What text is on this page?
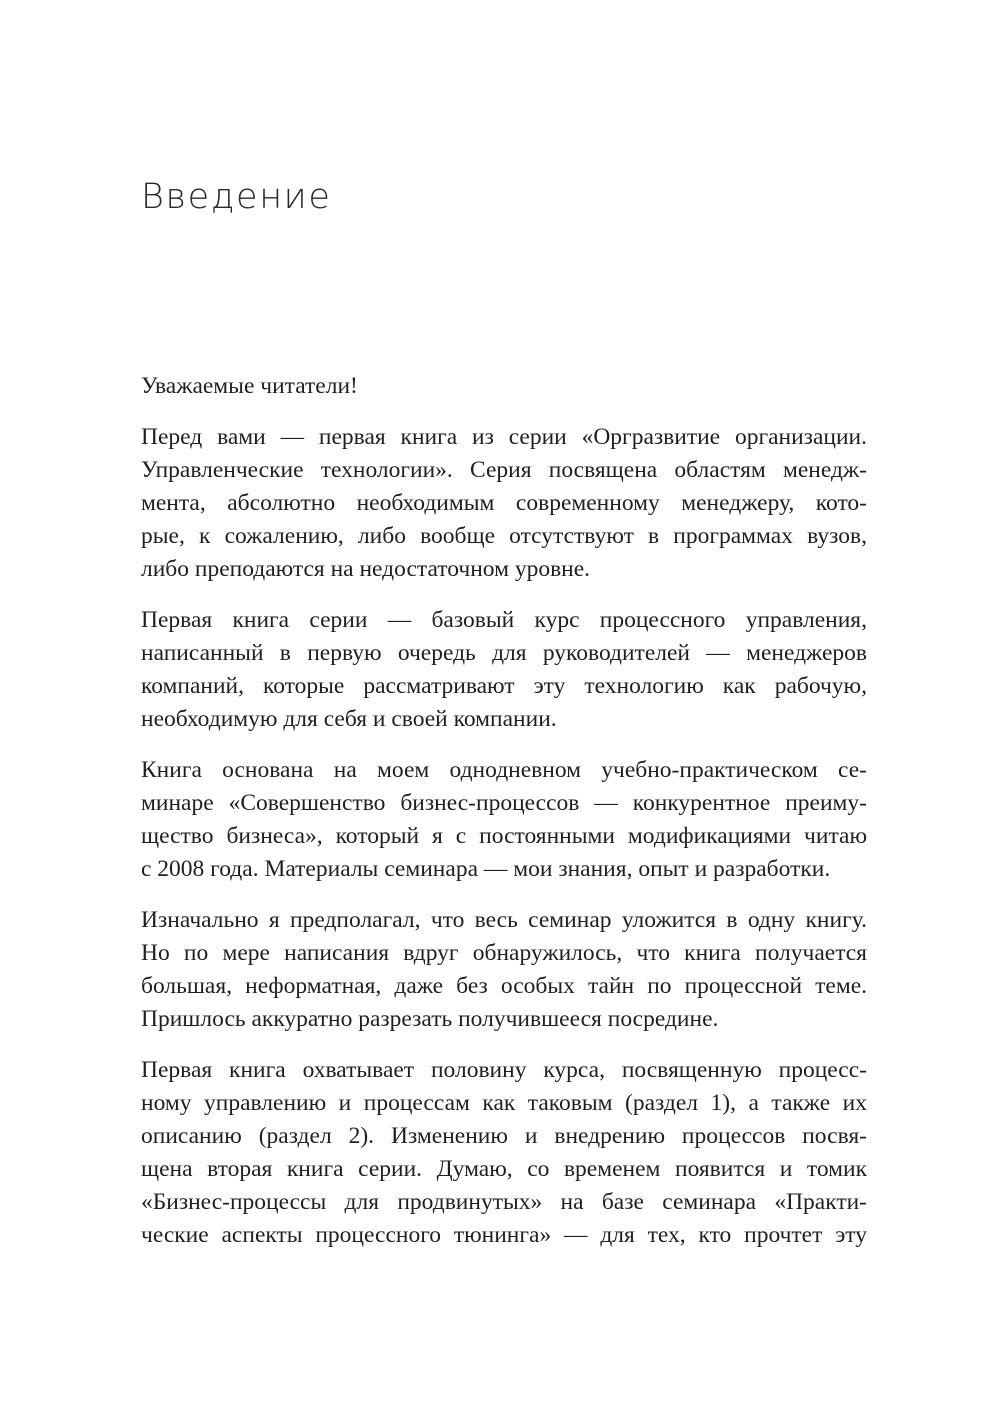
Введение

Уважаемые читатели!

Перед вами — первая книга из серии «Оргразвитие организации.
Управленческие технологии». Серия посвящена областям менедж-
мента, абсолютно необходимым современному менеджеру, кото-
рые, к сожалению, либо вообще отсутствуют в программах вузов,
либо преподаются на недостаточном уровне.

Первая книга серии — базовый курс процессного управления,
написанный в первую очередь для руководителей — менеджеров
компаний, которые рассматривают эту технологию как рабочую,
необходимую для себя и своей компании.

Книга основана на моем однодневном учебно-практическом се-
минаре «Совершенство бизнес-процессов — конкурентное преиму-
щество бизнеса», который я с постоянными модификациями читаю
с 2008 года. Материалы семинара — мои знания, опыт и разработки.

Изначально я предполагал, что весь семинар уложится в одну книгу.
Но по мере написания вдруг обнаружилось, что книга получается
большая, неформатная, даже без особых тайн по процессной теме.
Пришлось аккуратно разрезать получившееся посредине.

Первая книга охватывает половину курса, посвященную процесс-
ному управлению и процессам как таковым (раздел 1), а также их
описанию (раздел 2). Изменению и внедрению процессов посвя-
щена вторая книга серии. Думаю, со временем появится и томик
«Бизнес-процессы для продвинутых» на базе семинара «Практи-
ческие аспекты процессного тюнинга» — для тех, кто прочтет эту
